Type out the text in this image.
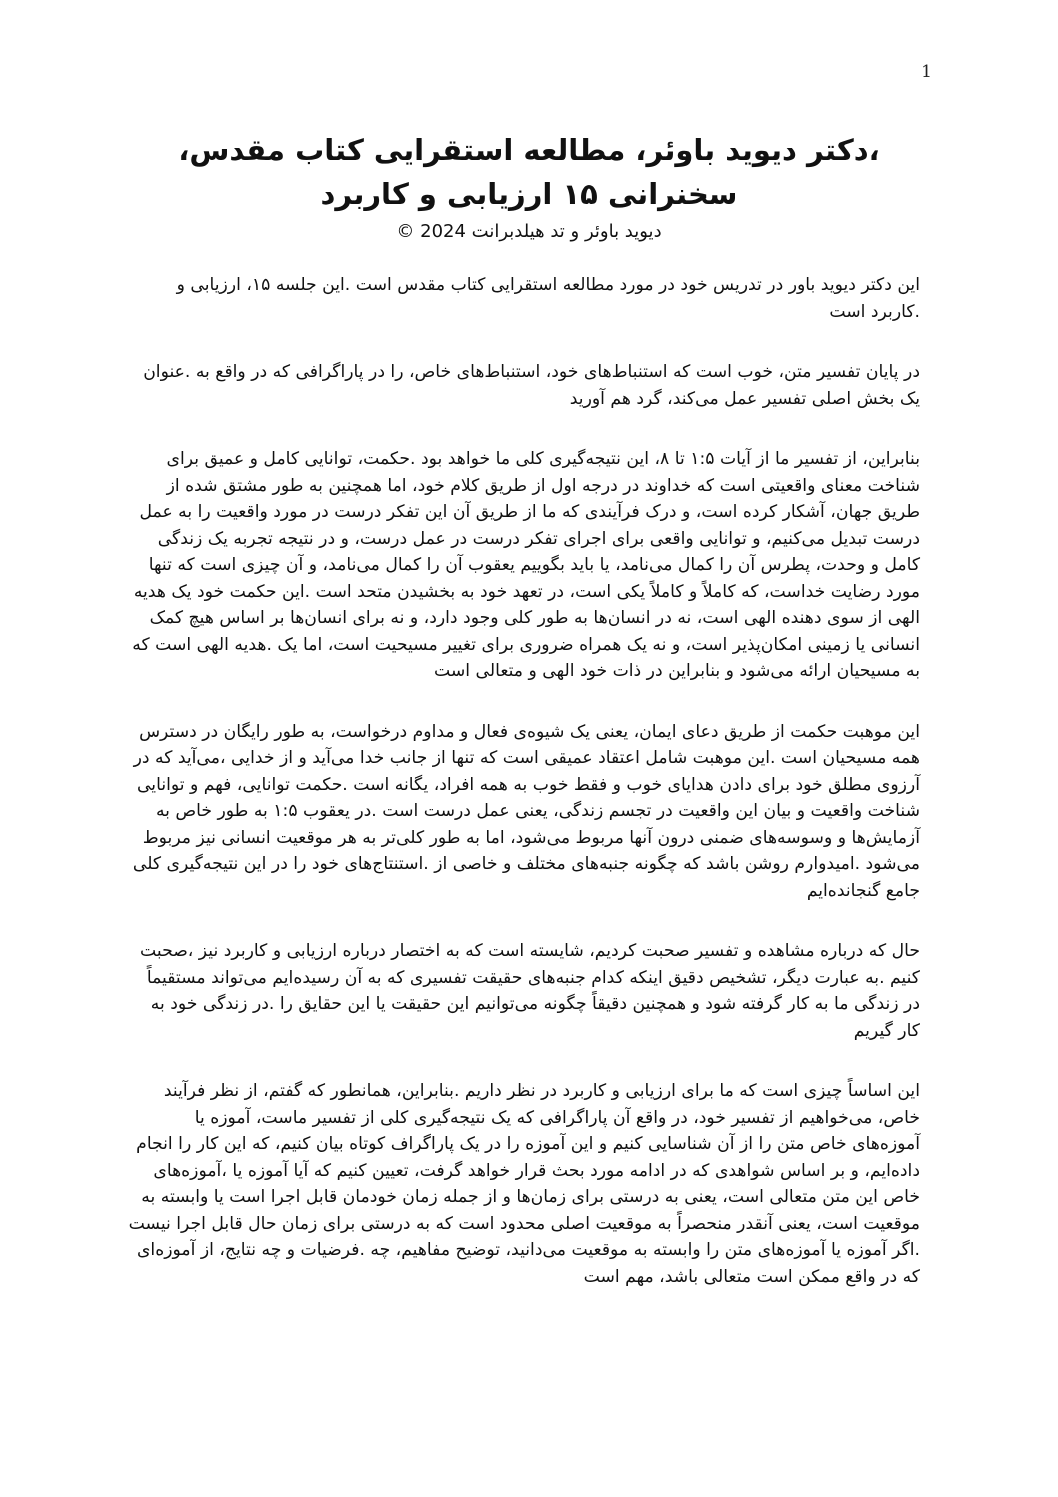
1
،دکتر دیوید باوئر، مطالعه استقرایی کتاب مقدس، سخنرانی ۱۵ ارزیابی و کاربرد

دیوید باوئر و تد هیلدبرانت 2024 ©

این دکتر دیوید باور در تدریس خود در مورد مطالعه استقرایی کتاب مقدس است .این جلسه ۱۵، ارزیابی و .کاربرد است

در پایان تفسیر متن، خوب است که استنباط‌های خود، استنباط‌های خاص، را در پاراگرافی که در واقع به .عنوان یک بخش اصلی تفسیر عمل می‌کند، گرد هم آورید

بنابراین، از تفسیر ما از آیات ۱:۵ تا ۸، این نتیجه‌گیری کلی ما خواهد بود .حکمت، توانایی کامل و عمیق برای شناخت معنای واقعیتی است که خداوند در درجه اول از طریق کلام خود، اما همچنین به طور مشتق شده از طریق جهان، آشکار کرده است، و درک فرآیندی که ما از طریق آن این تفکر درست در مورد واقعیت را به عمل درست تبدیل می‌کنیم، و توانایی واقعی برای اجرای تفکر درست در عمل درست، و در نتیجه تجربه یک زندگی کامل و وحدت، پطرس آن را کمال می‌نامد، یا باید بگوییم یعقوب آن را کمال می‌نامد، و آن چیزی است که تنها مورد رضایت خداست، که کاملاً و کاملاً یکی است، در تعهد خود به بخشیدن متحد است .این حکمت خود یک هدیه الهی از سوی دهنده الهی است، نه در انسان‌ها به طور کلی وجود دارد، و نه برای انسان‌ها بر اساس هیچ کمک انسانی یا زمینی امکان‌پذیر است، و نه یک همراه ضروری برای تغییر مسیحیت است، اما یک .هدیه الهی است که به مسیحیان ارائه می‌شود و بنابراین در ذات خود الهی و متعالی است

این موهبت حکمت از طریق دعای ایمان، یعنی یک شیوه‌ی فعال و مداوم درخواست، به طور رایگان در دسترس همه مسیحیان است .این موهبت شامل اعتقاد عمیقی است که تنها از جانب خدا می‌آید و از خدایی ،می‌آید که در آرزوی مطلق خود برای دادن هدایای خوب و فقط خوب به همه افراد، یگانه است .حکمت توانایی، فهم و توانایی شناخت واقعیت و بیان این واقعیت در تجسم زندگی، یعنی عمل درست است .در یعقوب ۱:۵ به طور خاص به آزمایش‌ها و وسوسه‌های ضمنی درون آنها مربوط می‌شود، اما به طور کلی‌تر به هر موقعیت انسانی نیز مربوط می‌شود .امیدوارم روشن باشد که چگونه جنبه‌های مختلف و خاصی از .استنتاج‌های خود را در این نتیجه‌گیری کلی جامع گنجانده‌ایم

حال که درباره مشاهده و تفسیر صحبت کردیم، شایسته است که به اختصار درباره ارزیابی و کاربرد نیز ،صحبت کنیم .به عبارت دیگر، تشخیص دقیق اینکه کدام جنبه‌های حقیقت تفسیری که به آن رسیده‌ایم می‌تواند مستقیماً در زندگی ما به کار گرفته شود و همچنین دقیقاً چگونه می‌توانیم این حقیقت یا این حقایق را .در زندگی خود به کار گیریم

این اساساً چیزی است که ما برای ارزیابی و کاربرد در نظر داریم .بنابراین، همانطور که گفتم، از نظر فرآیند خاص، می‌خواهیم از تفسیر خود، در واقع آن پاراگرافی که یک نتیجه‌گیری کلی از تفسیر ماست، آموزه یا آموزه‌های خاص متن را از آن شناسایی کنیم و این آموزه را در یک پاراگراف کوتاه بیان کنیم، که این کار را انجام داده‌ایم، و بر اساس شواهدی که در ادامه مورد بحث قرار خواهد گرفت، تعیین کنیم که آیا آموزه یا ،آموزه‌های خاص این متن متعالی است، یعنی به درستی برای زمان‌ها و از جمله زمان خودمان قابل اجرا است یا وابسته به موقعیت است، یعنی آنقدر منحصراً به موقعیت اصلی محدود است که به درستی برای زمان حال قابل اجرا نیست .اگر آموزه یا آموزه‌های متن را وابسته به موقعیت می‌دانید، توضیح مفاهیم، چه .فرضیات و چه نتایج، از آموزه‌ای که در واقع ممکن است متعالی باشد، مهم است
